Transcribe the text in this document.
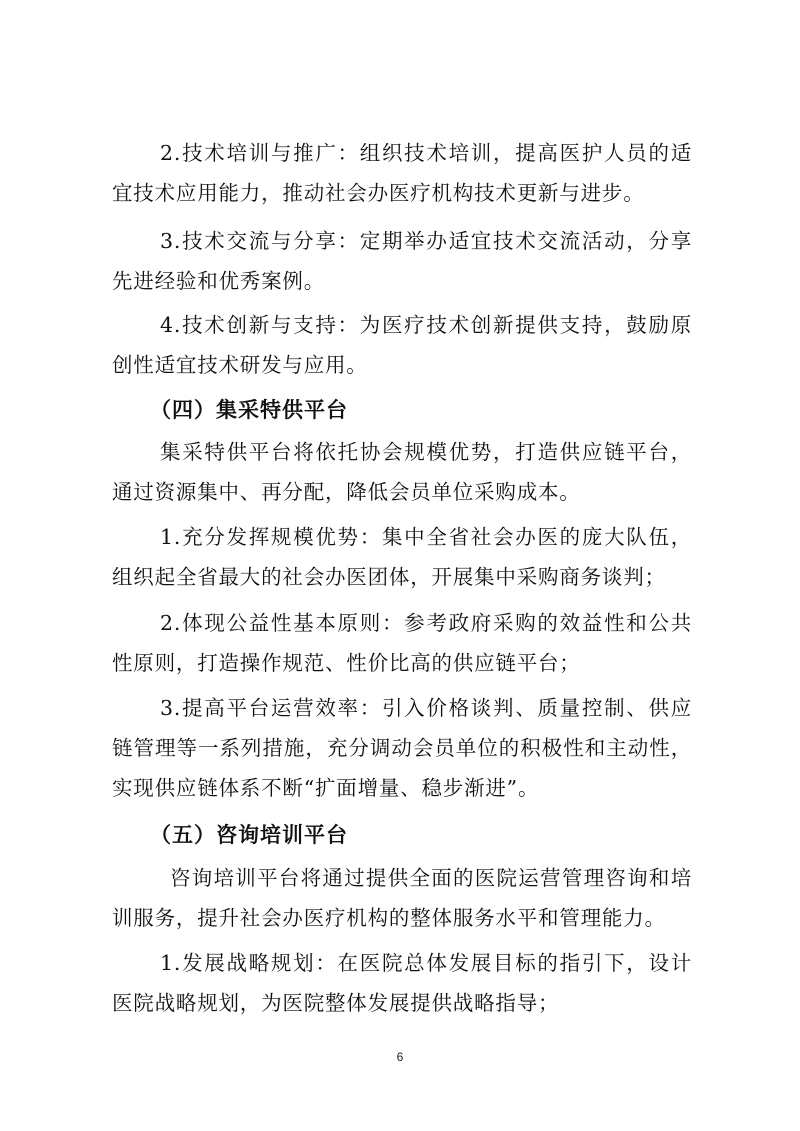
2.技术培训与推广：组织技术培训，提高医护人员的适宜技术应用能力，推动社会办医疗机构技术更新与进步。

3.技术交流与分享：定期举办适宜技术交流活动，分享先进经验和优秀案例。

4.技术创新与支持：为医疗技术创新提供支持，鼓励原创性适宜技术研发与应用。

（四）集采特供平台

集采特供平台将依托协会规模优势，打造供应链平台，通过资源集中、再分配，降低会员单位采购成本。

1.充分发挥规模优势：集中全省社会办医的庞大队伍，组织起全省最大的社会办医团体，开展集中采购商务谈判；

2.体现公益性基本原则：参考政府采购的效益性和公共性原则，打造操作规范、性价比高的供应链平台；

3.提高平台运营效率：引入价格谈判、质量控制、供应链管理等一系列措施，充分调动会员单位的积极性和主动性，实现供应链体系不断“扩面增量、稳步渐进”。

（五）咨询培训平台

咨询培训平台将通过提供全面的医院运营管理咨询和培训服务，提升社会办医疗机构的整体服务水平和管理能力。

1.发展战略规划：在医院总体发展目标的指引下，设计医院战略规划，为医院整体发展提供战略指导；

6
